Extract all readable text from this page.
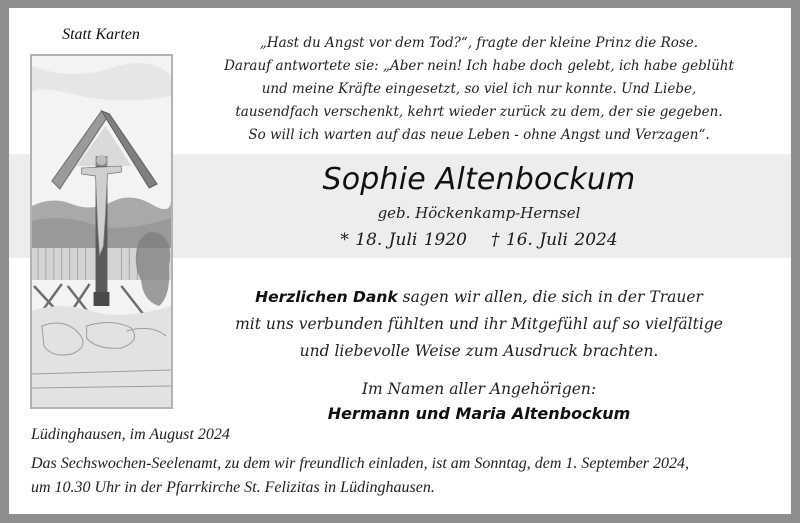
Statt Karten	„Hast du Angst vor dem Tod?“, fragte der kleine Prinz die Rose.
Darauf antwortete sie: „Aber nein! Ich habe doch gelebt, ich habe geblüht
und meine Kräfte eingesetzt, so viel ich nur konnte. Und Liebe,
tausendfach verschenkt, kehrt wieder zurück zu dem, der sie gegeben.
So will ich warten auf das neue Leben - ohne Angst und Verzagen“.
Sophie Altenbockum
geb. Höckenkamp-Hernsel
* 18. Juli 1920 † 16. Juli 2024
Herzlichen Dank sagen wir allen, die sich in der Trauer
mit uns verbunden fühlten und ihr Mitgefühl auf so vielfältige
und liebevolle Weise zum Ausdruck brachten.
Im Namen aller Angehörigen:
Hermann und Maria Altenbockum
Lüdinghausen, im August 2024
Das Sechswochen-Seelenamt, zu dem wir freundlich einladen, ist am Sonntag, dem 1. September 2024,
um 10.30 Uhr in der Pfarrkirche St. Felizitas in Lüdinghausen.
